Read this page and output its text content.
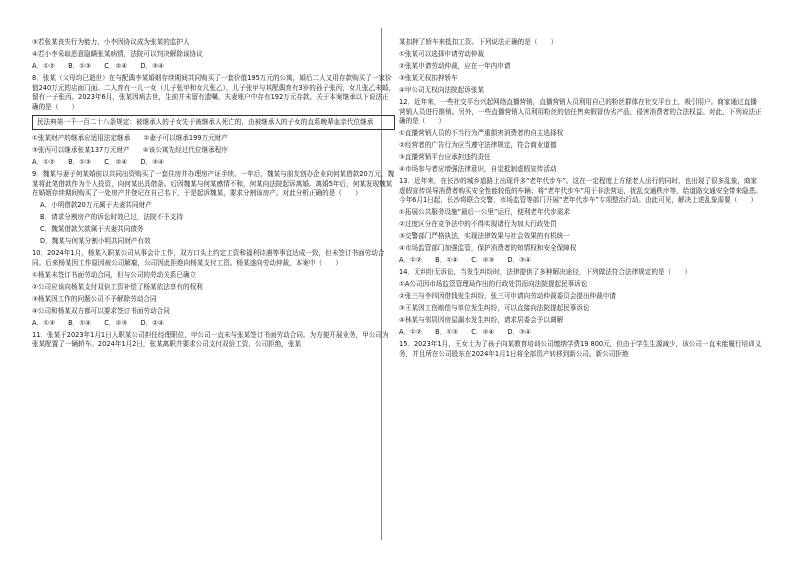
③若张某丧失行为能力，小李因协议成为张某的监护人
④若小李采取恶意隐瞒张某病情，法院可以判决解除该协议
A．①②　　B．①③　　C．②④　　D．③④
8．张某（父母均已逝世）在与配偶李某婚姻存续期间共同购买了一套价值195万元的公寓，婚后二人又用存款购买了一家价值240万元的店面门面。二人育有一儿一女（儿子张甲和女儿张乙），儿子张甲与其配偶育有3岁的孙子张丙，女儿张乙未婚，留有一子张丙。2023年6月，张某因病去世，生前并未留有遗嘱，夫妻账户中存有192万元存款。关于本案继承以下说法正确的是（　　）
民法典第一千一百二十八条规定：被继承人的子女先于被继承人死亡的，由被继承人的子女的直系晚辈血亲代位继承
①张某财产的继承应适用法定继承　　②妻子可以继承199万元财产
③张丙可以继承张某137万元财产　　④该公寓先经过代位继承程序
A．①②　　B．①③　　C．②④　　D．③④
9．魏某与妻子何某婚前以共同出资购买了一套住房并办理房产证手续。一年后，魏某与朋友创办企业向何某借款20万元，魏某将此笔借款作为个人投资，向何某出具借条。后因魏某与何某感情不和，何某向法院起诉离婚。离婚5年后，何某发现魏某在婚姻存续期间购买了一处房产并登记在自己名下，于是起诉魏某，要求分割该房产。对此分析正确的是（　　）
A．小明借款20万元属于夫妻共同财产
B．请求分割房产的诉讼时效已过，法院不予支持
C．魏某借款欠款属于夫妻共同债务
D．魏某与何某分割小明共同财产有效
10．2024年1月，杨某入职某公司从事会计工作，双方口头上约定工资和福利待遇等事宜达成一致，但未签订书面劳动合同。后来杨某因工作原因被公司解雇，公司因此拒绝向杨某支付工资。杨某遂向劳动仲裁，本案中（　　）
①杨某未签订书面劳动合同，但与公司的劳动关系已确立
②公司应该向杨某支付双倍工资补偿了杨某依法享有的权利
③杨某因工作的问题公司不予解除劳动合同
④公司和杨某双方都可以要求签订书面劳动合同
A．①③　　B．①④　　C．②③　　D．②④
11．张某于2023年1月1日入职某公司担任经理职位，甲公司一直未与张某签订书面劳动合同。为方便开展业务，甲公司为张某配置了一辆轿车。2024年1月2日，张某离职并要求公司支付双倍工资，公司拒绝，张某
某扣押了轿车来抵扣工资。下列说法正确的是（　　）
①张某可以选择申请劳动仲裁
②张某申请劳动仲裁，应在一年内申请
③张某无权扣押轿车
④甲公司无权向法院起诉张某
12．近年来，一些社交平台兴起网络直播营销，直播营销人员利用自己的粉丝群体在社交平台上，吸引用户。商家通过直播营销人员进行推销。另外，一些直播营销人员利用粉丝的信任售卖假冒伪劣产品，侵害消费者的合法权益。对此，下列说法正确的是（　　）
①直播营销人员的不当行为严重损害消费者的自主选择权
②经营者的广告行为应当遵守法律规定，符合商业道德
③直播营销平台应承担违约责任
④市场参与者应增强法律意识，自觉抵制虚假宣传活动
13．近年来，在长沙的城乡道路上出现许多“老年代步车”。这在一定程度上方便老人出行的同时，也出现了很多乱象，商家虚假宣传误导消费者购买安全性能较低的车辆；将“老年代步车”用于非法营运，扰乱交通秩序等，给道路交通安全带来隐患。今年6月1日起，长沙将联合交警、市场监管等部门开展“老年代步车”专项整治行动。由此可见，解决上述乱象需要（　　）
①拓展公共服务设施“最后一公里”运行，便利老年代步需求
②过度区分在竞争法中的不得实现诸行为加大行政处罚
③交警部门严格执法，实现法律效果与社会效果的有机统一
④市场监管部门加强监管，保护消费者的知情权和安全保障权
A．①②　　B．①④　　C．②③　　D．③④
14．无纠纷无诉讼，当发生纠纷时，法律提供了多种解决途径，下列做法符合法律规定的是（　　）
①A公司因市场监管管理局作出的行政处罚而向法院提起民事诉讼
②张三与李四因借钱发生纠纷，张三可申请向劳动仲裁委员会提出仲裁申请
③王某因工伤赔偿与单位发生纠纷，可以直接向法院提起民事诉讼
④林某与邻居因房屋漏水发生纠纷，请求居委会予以调解
A．①②　　B．①③　　C．②④　　D．③④
15．2023年1月，王女士为了孩子向某教育培训公司缴纳学费19 800元，但由于学生生源减少，该公司一直未能履行培训义务，并且所在公司股东在2024年1月1日将全部资产转移到新公司。新公司拒绝
